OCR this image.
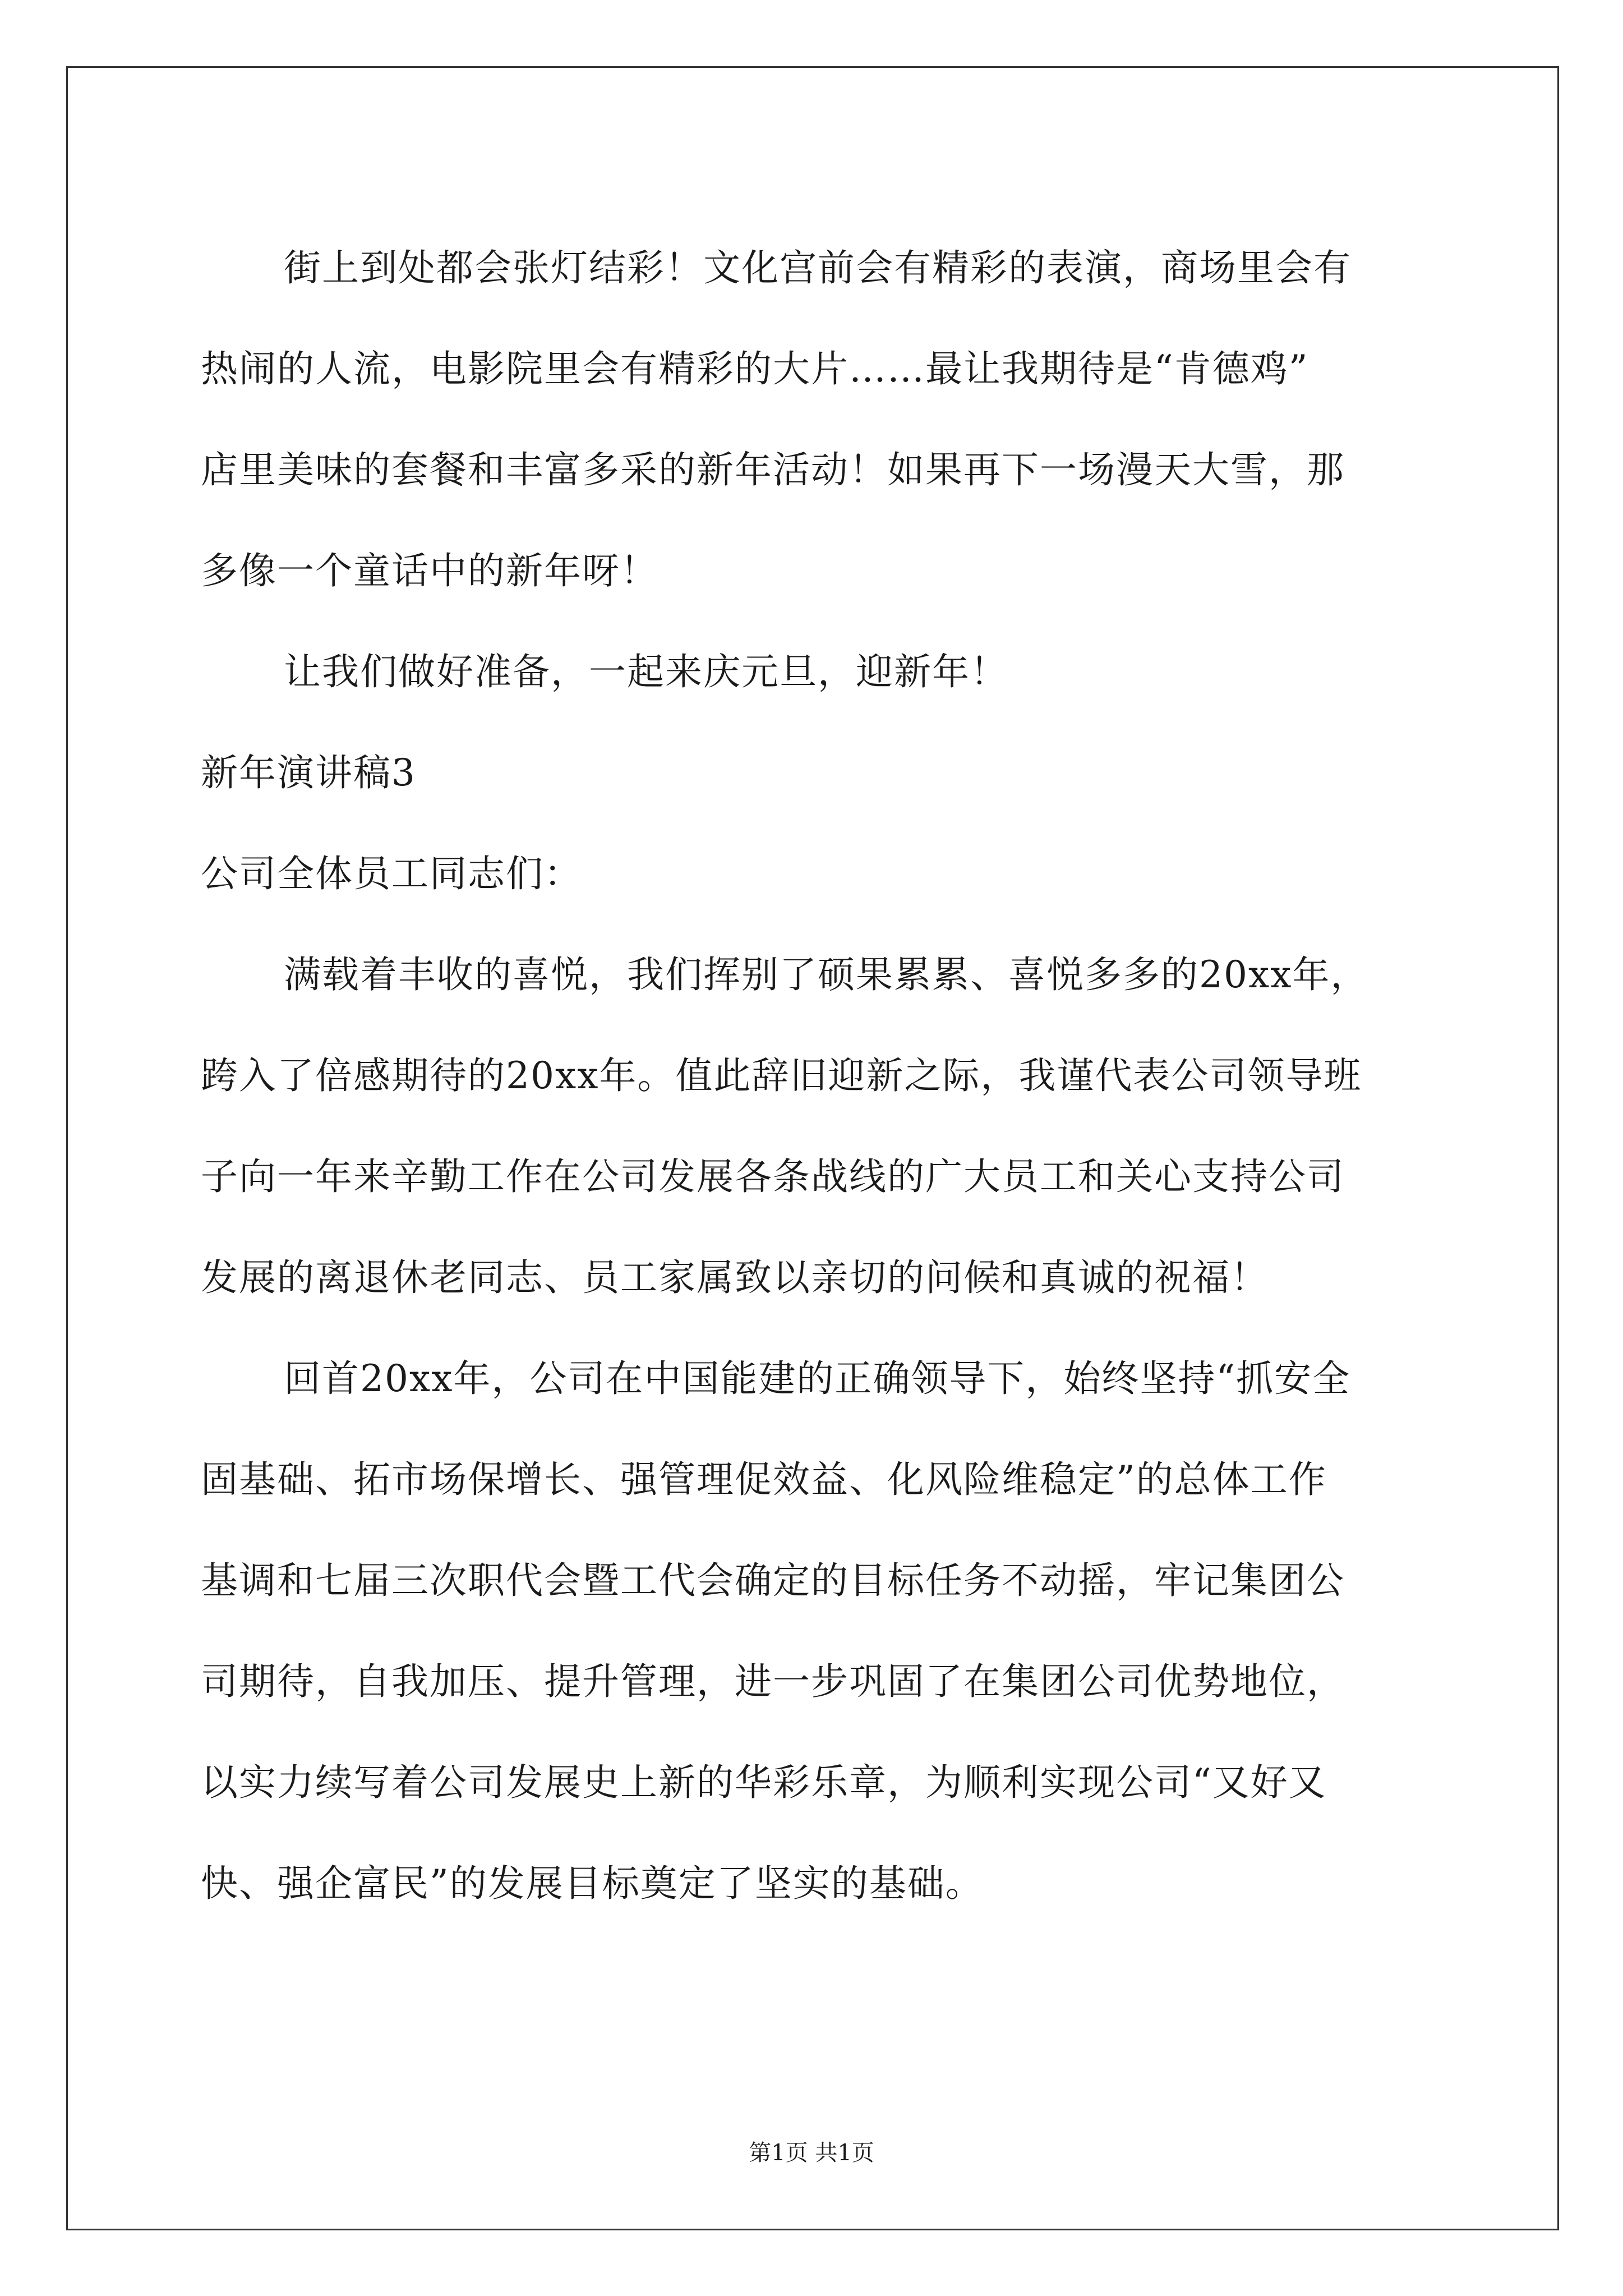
街上到处都会张灯结彩！文化宫前会有精彩的表演，商场里会有
热闹的人流，电影院里会有精彩的大片……最让我期待是“肯德鸡”
店里美味的套餐和丰富多采的新年活动！如果再下一场漫天大雪，那
多像一个童话中的新年呀！
让我们做好准备，一起来庆元旦，迎新年！
新年演讲稿3
公司全体员工同志们：
满载着丰收的喜悦，我们挥别了硕果累累、喜悦多多的20xx年，
跨入了倍感期待的20xx年。值此辞旧迎新之际，我谨代表公司领导班
子向一年来辛勤工作在公司发展各条战线的广大员工和关心支持公司
发展的离退休老同志、员工家属致以亲切的问候和真诚的祝福！
回首20xx年，公司在中国能建的正确领导下，始终坚持“抓安全
固基础、拓市场保增长、强管理促效益、化风险维稳定”的总体工作
基调和七届三次职代会暨工代会确定的目标任务不动摇，牢记集团公
司期待，自我加压、提升管理，进一步巩固了在集团公司优势地位，
以实力续写着公司发展史上新的华彩乐章，为顺利实现公司“又好又
快、强企富民”的发展目标奠定了坚实的基础。
第1页 共1页
